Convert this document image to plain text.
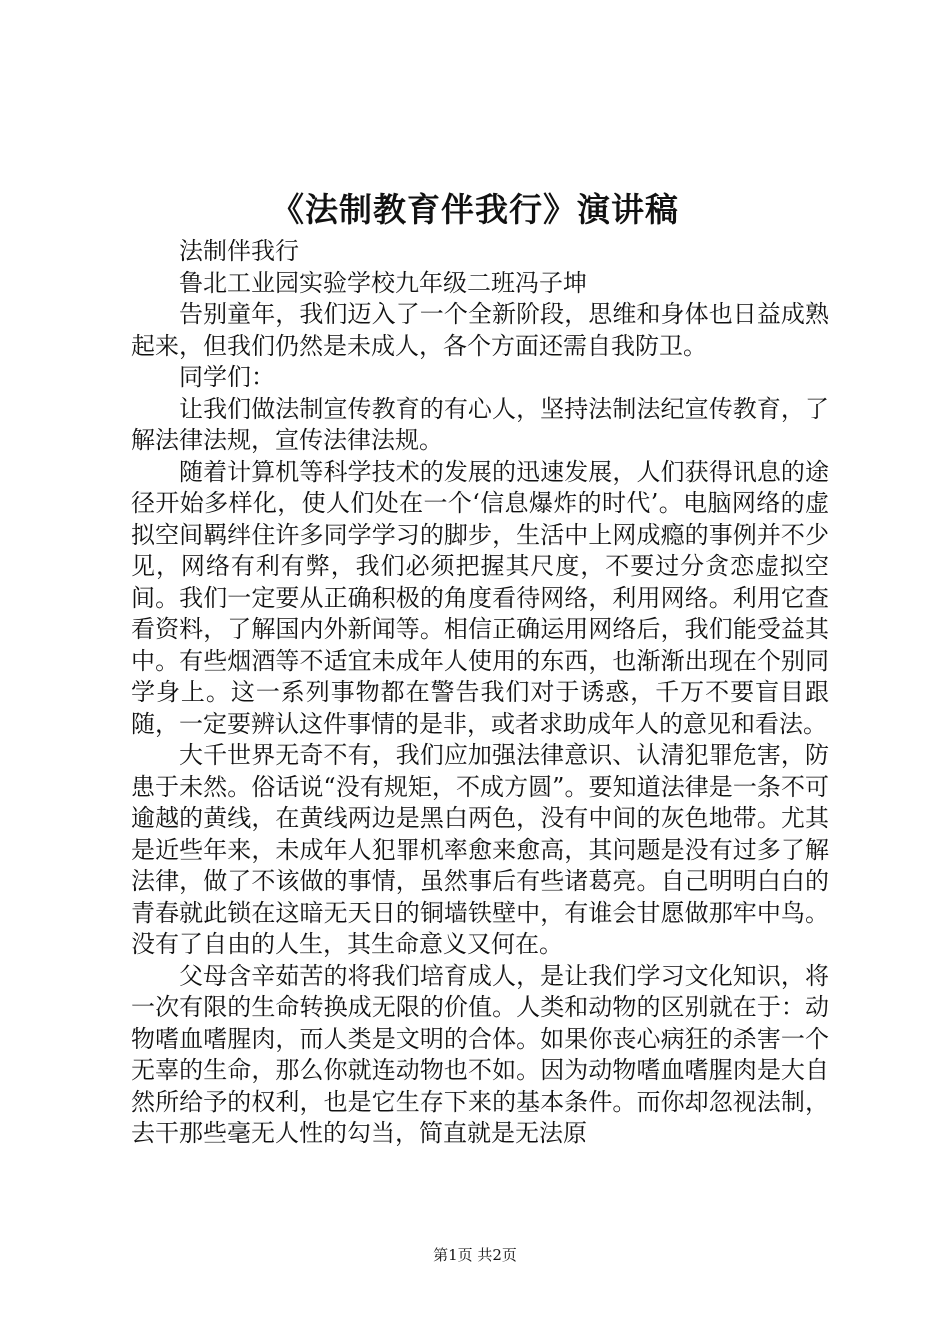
《法制教育伴我行》演讲稿

法制伴我行

鲁北工业园实验学校九年级二班冯子坤

告别童年，我们迈入了一个全新阶段，思维和身体也日益成熟起来，但我们仍然是未成人，各个方面还需自我防卫。

同学们：

让我们做法制宣传教育的有心人，坚持法制法纪宣传教育，了解法律法规，宣传法律法规。

随着计算机等科学技术的发展的迅速发展，人们获得讯息的途径开始多样化，使人们处在一个‘信息爆炸的时代’。电脑网络的虚拟空间羁绊住许多同学学习的脚步，生活中上网成瘾的事例并不少见，网络有利有弊，我们必须把握其尺度，不要过分贪恋虚拟空间。我们一定要从正确积极的角度看待网络，利用网络。利用它查看资料，了解国内外新闻等。相信正确运用网络后，我们能受益其中。有些烟酒等不适宜未成年人使用的东西，也渐渐出现在个别同学身上。这一系列事物都在警告我们对于诱惑，千万不要盲目跟随，一定要辨认这件事情的是非，或者求助成年人的意见和看法。

大千世界无奇不有，我们应加强法律意识、认清犯罪危害，防患于未然。俗话说“没有规矩，不成方圆”。要知道法律是一条不可逾越的黄线，在黄线两边是黑白两色，没有中间的灰色地带。尤其是近些年来，未成年人犯罪机率愈来愈高，其问题是没有过多了解法律，做了不该做的事情，虽然事后有些诸葛亮。自己明明白白的青春就此锁在这暗无天日的铜墙铁壁中，有谁会甘愿做那牢中鸟。没有了自由的人生，其生命意义又何在。

父母含辛茹苦的将我们培育成人，是让我们学习文化知识，将一次有限的生命转换成无限的价值。人类和动物的区别就在于：动物嗜血嗜腥肉，而人类是文明的合体。如果你丧心病狂的杀害一个无辜的生命，那么你就连动物也不如。因为动物嗜血嗜腥肉是大自然所给予的权利，也是它生存下来的基本条件。而你却忽视法制，去干那些毫无人性的勾当，简直就是无法原

第1页 共2页
